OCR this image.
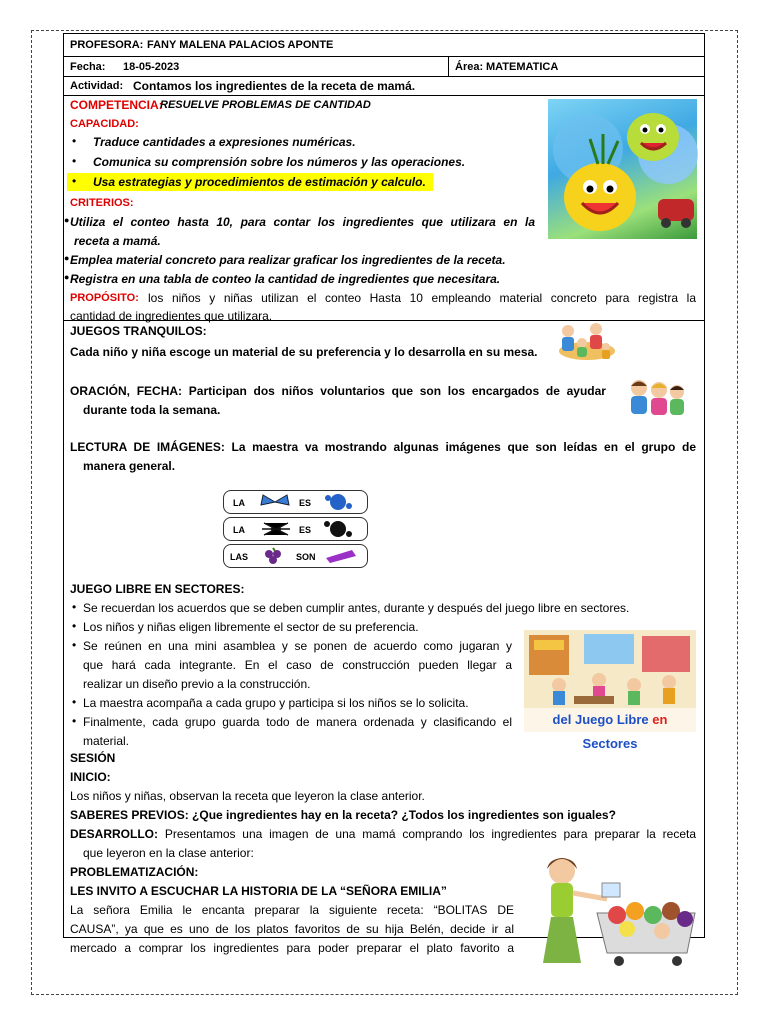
PROFESORA: FANY MALENA PALACIOS APONTE
Fecha: 18-05-2023	Área: MATEMATICA
Actividad: Contamos los ingredientes de la receta de mamá.
COMPETENCIA:
RESUELVE PROBLEMAS DE CANTIDAD
CAPACIDAD:
• Traduce cantidades a expresiones numéricas.
• Comunica su comprensión sobre los números y las operaciones.
• Usa estrategias y procedimientos de estimación y calculo.
CRITERIOS:
● Utiliza el conteo hasta 10, para contar los ingredientes que utilizara en la
receta a mamá.
● Emplea material concreto para realizar graficar los ingredientes de la receta.
● Registra en una tabla de conteo la cantidad de ingredientes que necesitara.
PROPÓSITO: los niños y niñas utilizan el conteo Hasta 10 empleando material concreto para registra la
cantidad de ingredientes que utilizara.
JUEGOS TRANQUILOS:
Cada niño y niña escoge un material de su preferencia y lo desarrolla en su mesa.
ORACIÓN, FECHA: Participan dos niños voluntarios que son los encargados de ayudar
durante toda la semana.
LECTURA DE IMÁGENES: La maestra va mostrando algunas imágenes que son leídas en el grupo de
manera general.
LA	ES
LA	ES
LAS	SON
JUEGO LIBRE EN SECTORES:
• Se recuerdan los acuerdos que se deben cumplir antes, durante y después del juego libre en sectores.
• Los niños y niñas eligen libremente el sector de su preferencia.
• Se reúnen en una mini asamblea y se ponen de acuerdo como jugaran y
que hará cada integrante. En el caso de construcción pueden llegar a
realizar un diseño previo a la construcción.
• La maestra acompaña a cada grupo y participa si los niños se lo solicita.
• Finalmente, cada grupo guarda todo de manera ordenada y clasificando el
material.
del Juego Libre en Sectores
SESIÓN
INICIO:
Los niños y niñas, observan la receta que leyeron la clase anterior.
SABERES PREVIOS: ¿Que ingredientes hay en la receta? ¿Todos los ingredientes son iguales?
DESARROLLO: Presentamos una imagen de una mamá comprando los ingredientes para preparar la receta
que leyeron en la clase anterior:
PROBLEMATIZACIÓN:
LES INVITO A ESCUCHAR LA HISTORIA DE LA “SEÑORA EMILIA”
La señora Emilia le encanta preparar la siguiente receta: “BOLITAS DE
CAUSA”, ya que es uno de los platos favoritos de su hija Belén, decide ir al
mercado a comprar los ingredientes para poder preparar el plato favorito a
